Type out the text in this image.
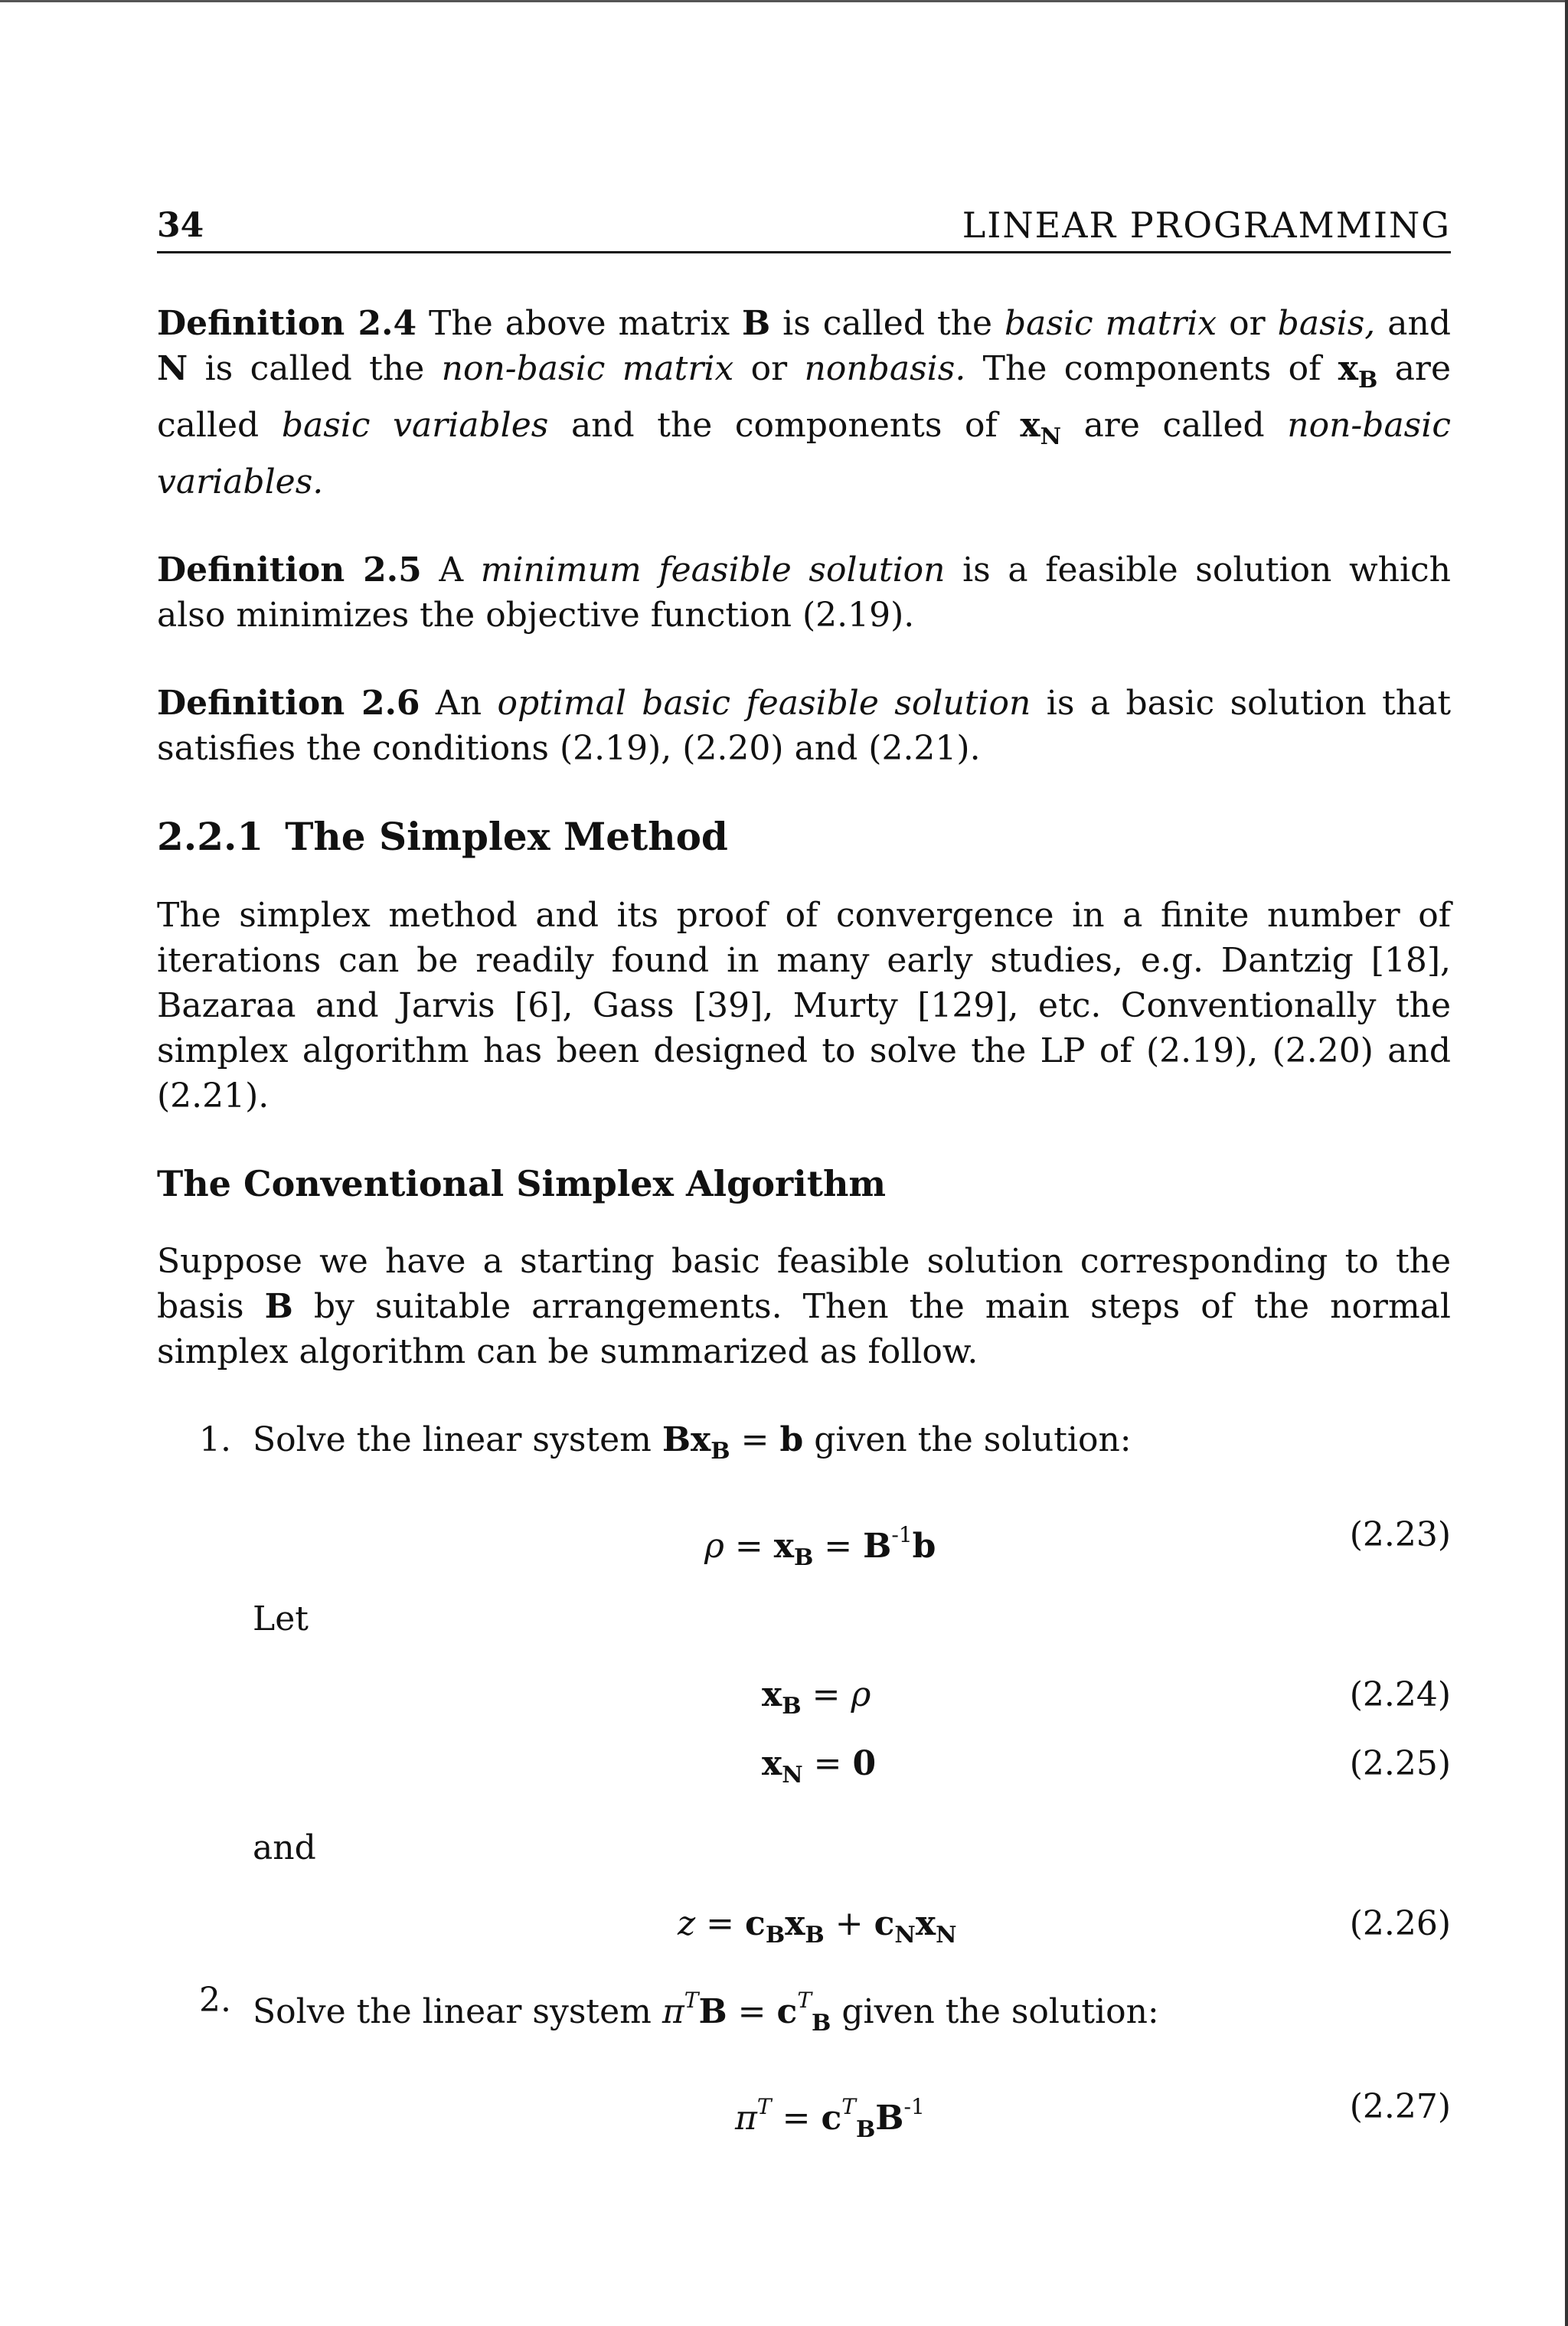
34	LINEAR PROGRAMMING

Definition 2.4 The above matrix B is called the basic matrix or basis, and N is called the non-basic matrix or nonbasis. The components of $x_B$ are called basic variables and the components of $x_N$ are called non-basic variables.

Definition 2.5 A minimum feasible solution is a feasible solution which also minimizes the objective function (2.19).

Definition 2.6 An optimal basic feasible solution is a basic solution that satisfies the conditions (2.19), (2.20) and (2.21).

2.2.1 The Simplex Method

The simplex method and its proof of convergence in a finite number of iterations can be readily found in many early studies, e.g. Dantzig [18], Bazaraa and Jarvis [6], Gass [39], Murty [129], etc. Conventionally the simplex algorithm has been designed to solve the LP of (2.19), (2.20) and (2.21).

The Conventional Simplex Algorithm

Suppose we have a starting basic feasible solution corresponding to the basis B by suitable arrangements. Then the main steps of the normal simplex algorithm can be summarized as follow.

1. Solve the linear system $Bx_B = b$ given the solution:
$\rho = x_B = B^{-1}b$	(2.23)
Let
$x_B = \rho$	(2.24)
$x_N = 0$	(2.25)
and
$z = c_Bx_B + c_Nx_N$	(2.26)
2. Solve the linear system $\pi^TB = c^T_B$ given the solution:
$\pi^T = c^T_BB^{-1}$	(2.27)
